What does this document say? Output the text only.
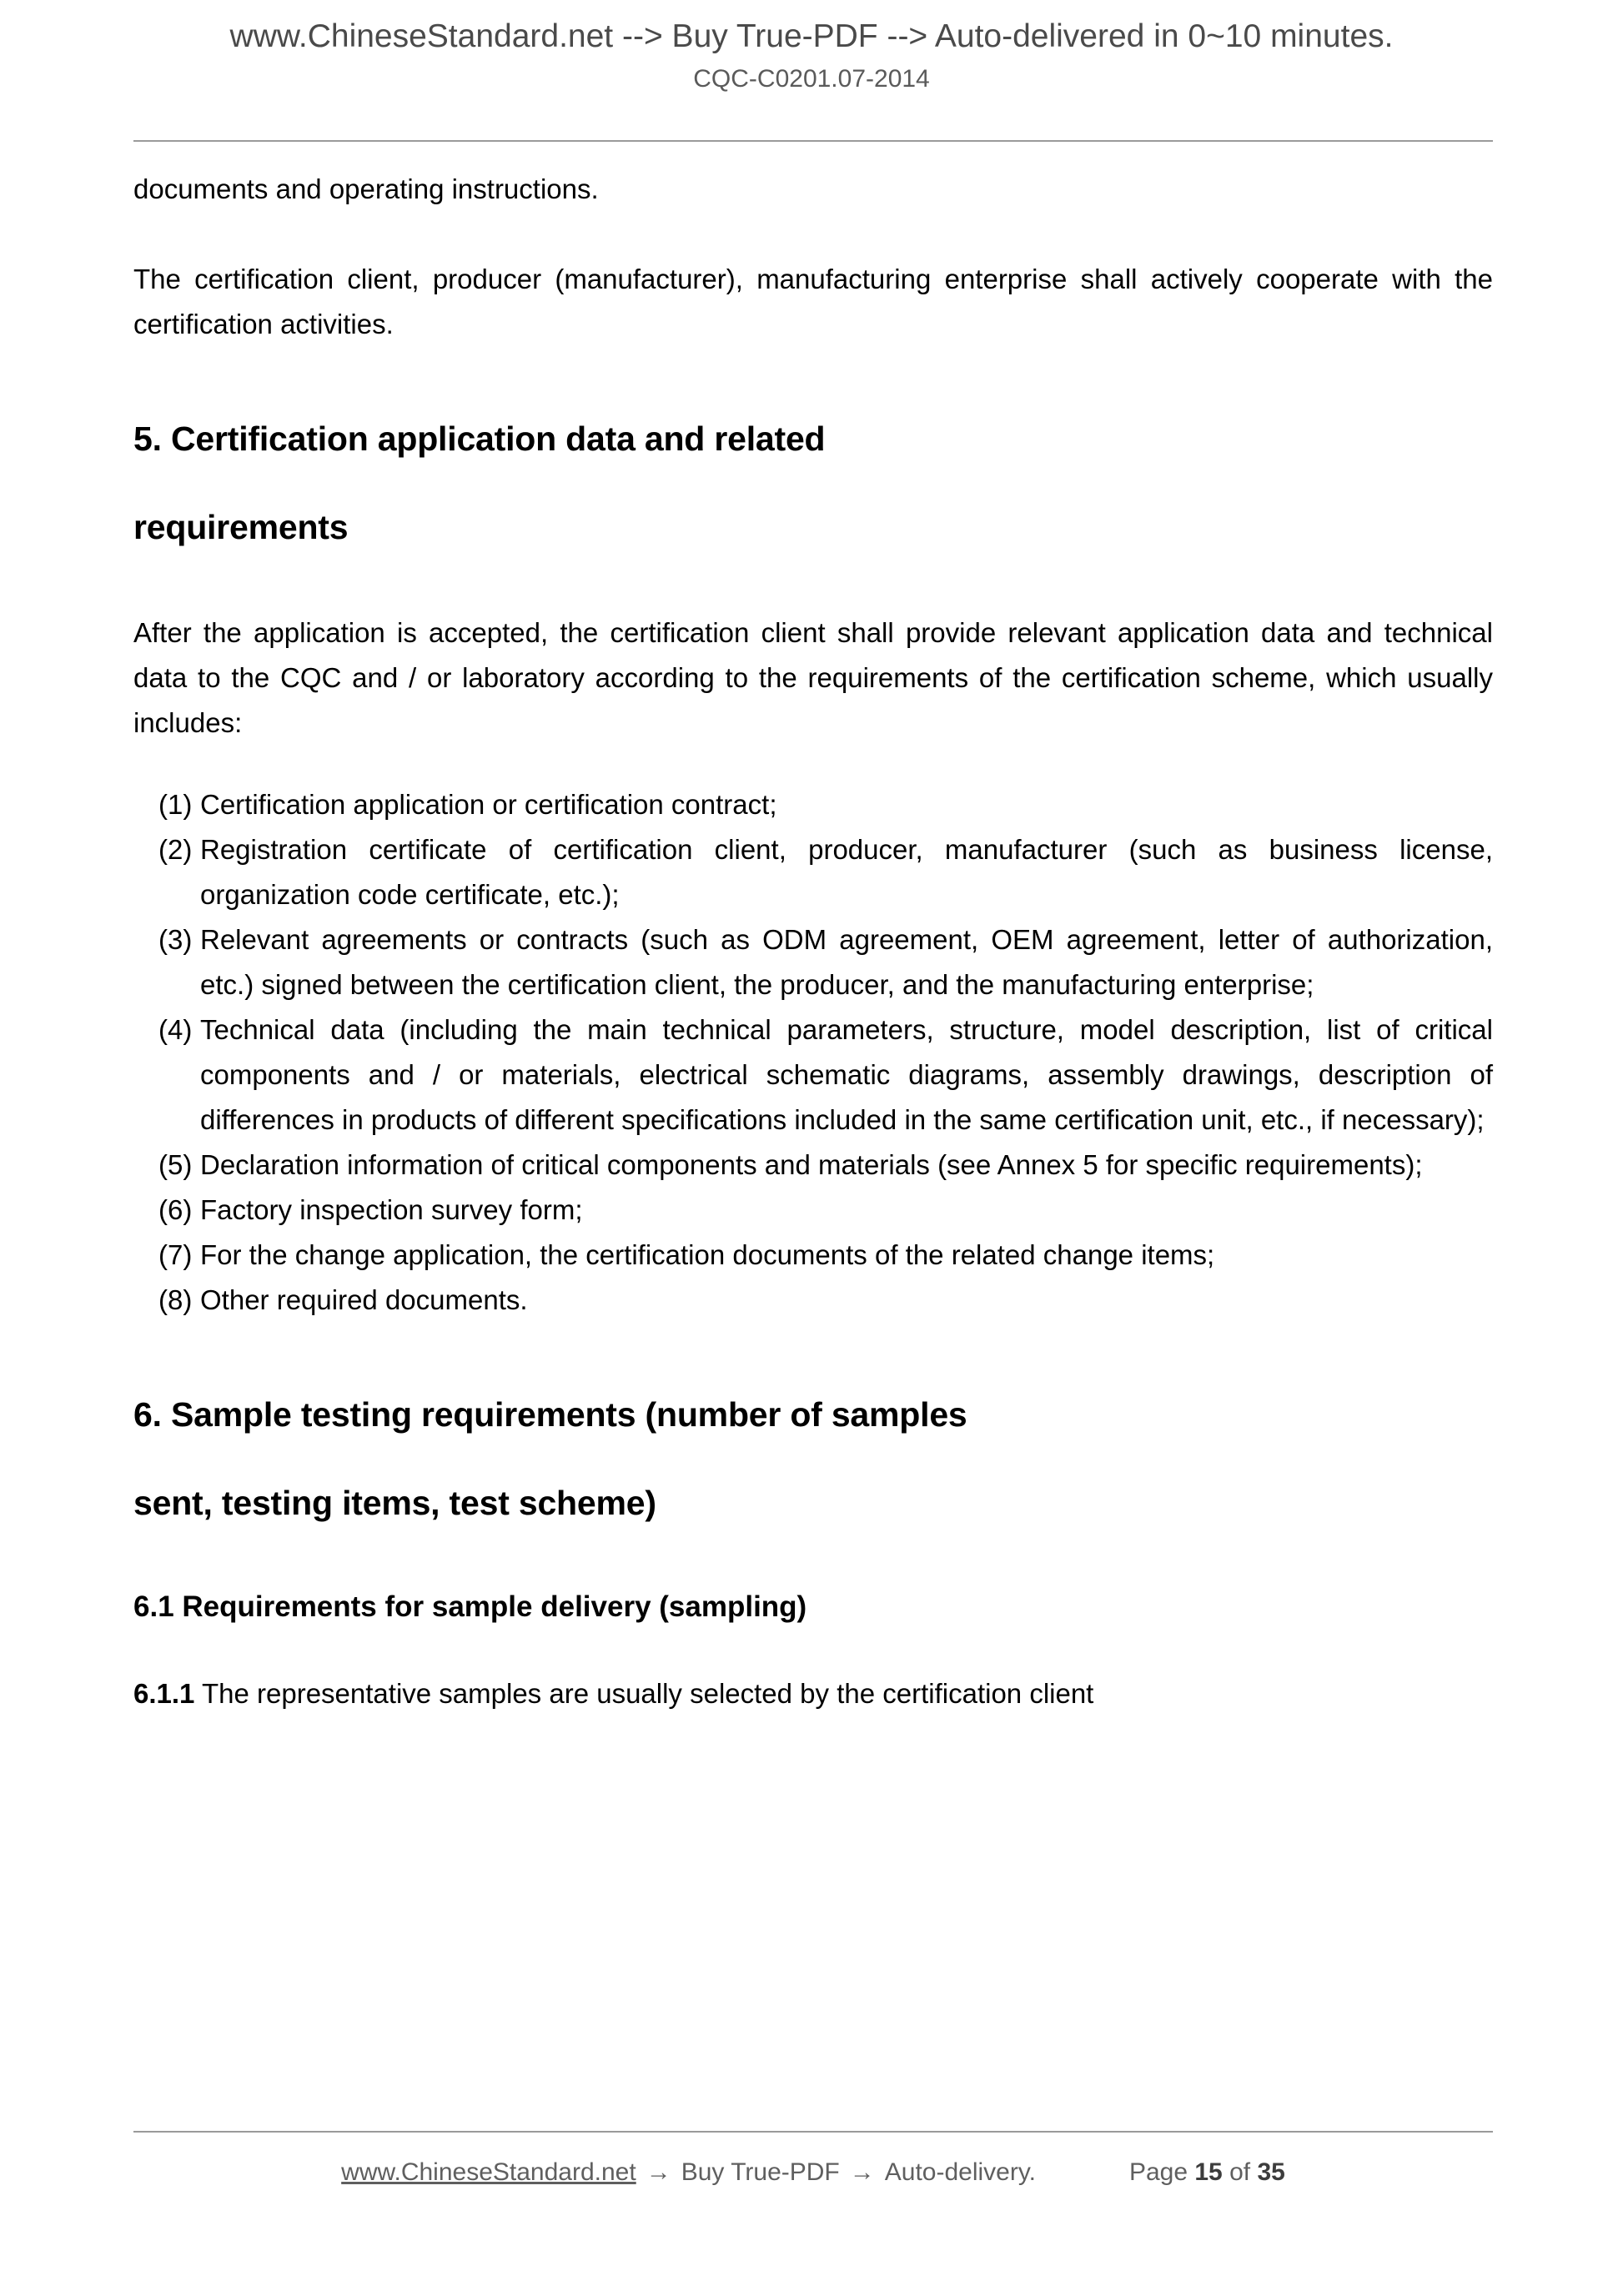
www.ChineseStandard.net --> Buy True-PDF --> Auto-delivered in 0~10 minutes.
CQC-C0201.07-2014

documents and operating instructions.

The certification client, producer (manufacturer), manufacturing enterprise shall actively cooperate with the certification activities.

5. Certification application data and related
requirements

After the application is accepted, the certification client shall provide relevant application data and technical data to the CQC and / or laboratory according to the requirements of the certification scheme, which usually includes:

(1) Certification application or certification contract;
(2) Registration certificate of certification client, producer, manufacturer (such as business license, organization code certificate, etc.);
(3) Relevant agreements or contracts (such as ODM agreement, OEM agreement, letter of authorization, etc.) signed between the certification client, the producer, and the manufacturing enterprise;
(4) Technical data (including the main technical parameters, structure, model description, list of critical components and / or materials, electrical schematic diagrams, assembly drawings, description of differences in products of different specifications included in the same certification unit, etc., if necessary);
(5) Declaration information of critical components and materials (see Annex 5 for specific requirements);
(6) Factory inspection survey form;
(7) For the change application, the certification documents of the related change items;
(8) Other required documents.
6. Sample testing requirements (number of samples
sent, testing items, test scheme)
6.1 Requirements for sample delivery (sampling)

6.1.1 The representative samples are usually selected by the certification client

www.ChineseStandard.net → Buy True-PDF → Auto-delivery.	Page 15 of 35
